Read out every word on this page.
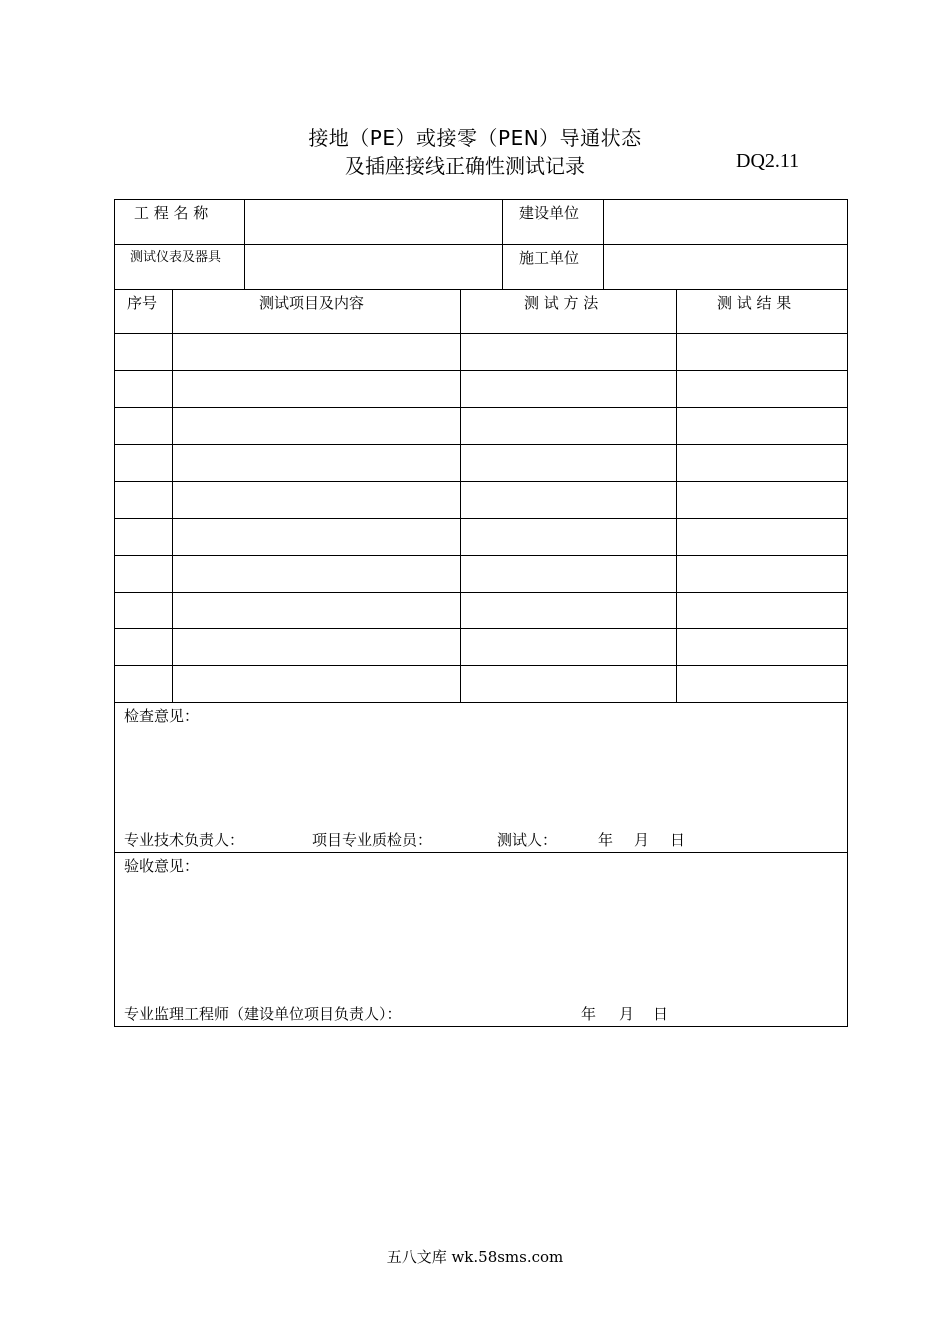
接地（PE）或接零（PEN）导通状态
及插座接线正确性测试记录	DQ2.11
工 程 名 称	建设单位
测试仪表及器具	施工单位
序号	测试项目及内容	测 试 方 法	测 试 结 果
检查意见：
专业技术负责人：	项目专业质检员：	测试人：	年 月 日
验收意见：
专业监理工程师（建设单位项目负责人）：	年 月 日
五八文库 wk.58sms.com
